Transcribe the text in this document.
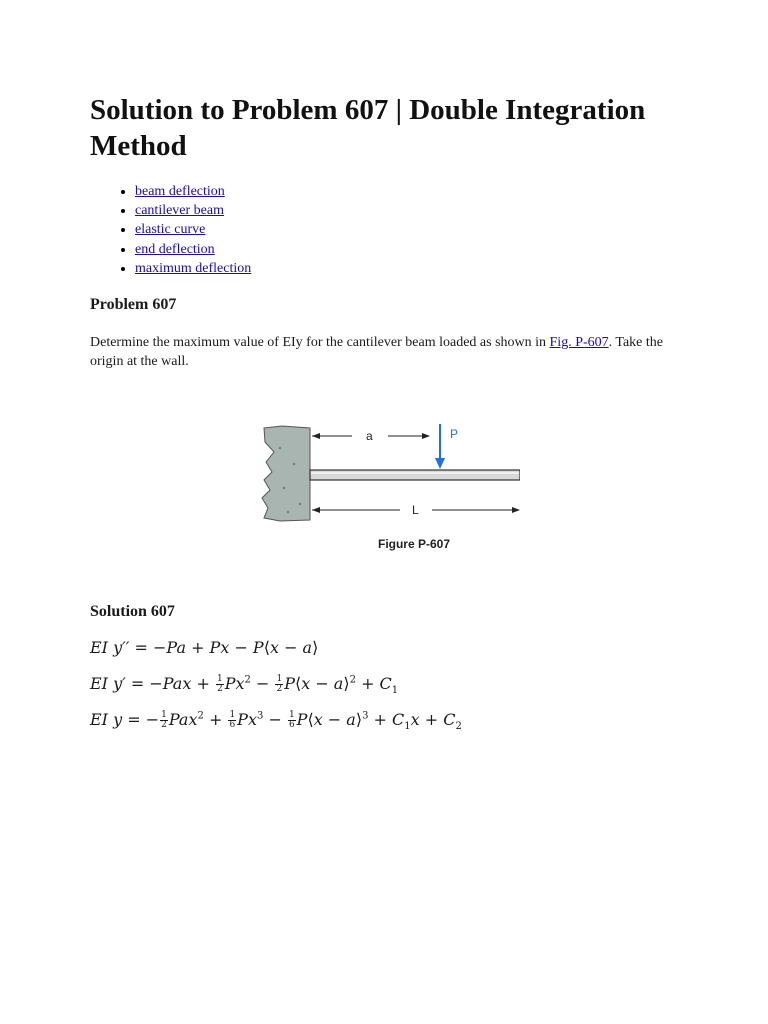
Solution to Problem 607 | Double Integration Method
• beam deflection
• cantilever beam
• elastic curve
• end deflection
• maximum deflection
Problem 607

Determine the maximum value of EIy for the cantilever beam loaded as shown in Fig. P-607. Take the origin at the wall.

a	P
L
Figure P-607
Solution 607
EI y′′ = −Pa + Px − P⟨x − a⟩
EI $y' = -Pax + \frac{1}{2} Px^2 - \frac{1}{2}$ P⟨x − a⟩$^2$ + $C_1$
EI y = − $\frac{1}{2} Pax^2 + \frac{1}{6} Px^3 - \frac{1}{6}$ P⟨x − a⟩$^3$ + $C_1x + C_2$
